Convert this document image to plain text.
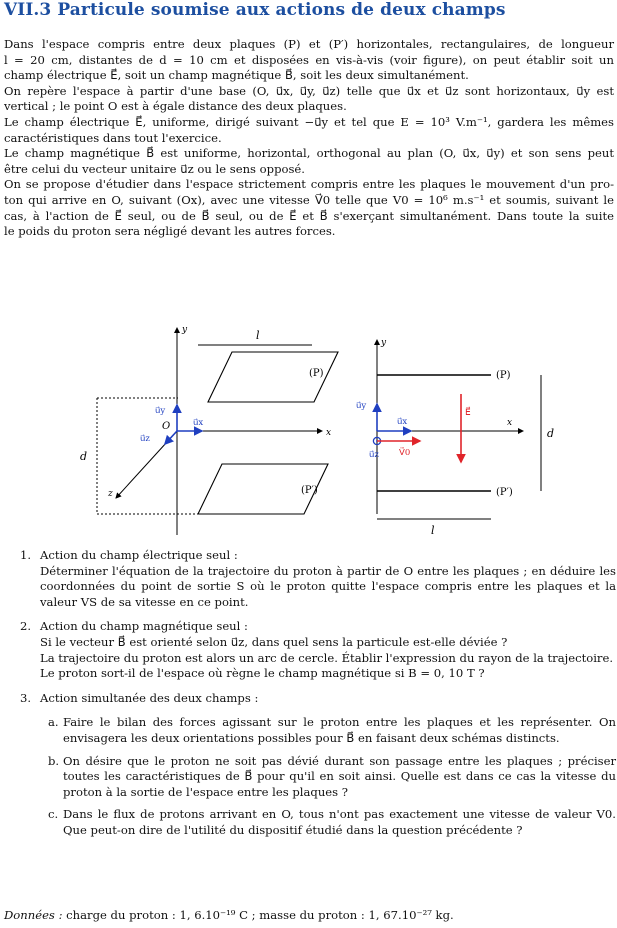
VII.3 Particule soumise aux actions de deux champs

Dans l'espace compris entre deux plaques (P) et (P′) horizontales, rectangulaires, de longueur

l = 20 cm, distantes de d = 10 cm et disposées en vis-à-vis (voir figure), on peut établir soit un

champ électrique E⃗, soit un champ magnétique B⃗, soit les deux simultanément.

On repère l'espace à partir d'une base (O, u⃗x, u⃗y, u⃗z) telle que u⃗x et u⃗z sont horizontaux, u⃗y est

vertical ; le point O est à égale distance des deux plaques.

Le champ électrique E⃗, uniforme, dirigé suivant −u⃗y et tel que E = 10³ V.m⁻¹, gardera les mêmes

caractéristiques dans tout l'exercice.

Le champ magnétique B⃗ est uniforme, horizontal, orthogonal au plan (O, u⃗x, u⃗y) et son sens peut

être celui du vecteur unitaire u⃗z ou le sens opposé.

On se propose d'étudier dans l'espace strictement compris entre les plaques le mouvement d'un pro-

ton qui arrive en O, suivant (Ox), avec une vitesse V⃗0 telle que V0 = 10⁶ m.s⁻¹ et soumis, suivant le

cas, à l'action de E⃗ seul, ou de B⃗ seul, ou de E⃗ et B⃗ s'exerçant simultanément. Dans toute la suite

le poids du proton sera négligé devant les autres forces.

y	l
(P)
(P′)
x
z
O
u⃗y
u⃗x
u⃗z
d
y
(P)
(P′)
x
u⃗y
u⃗x
u⃗z V⃗0
E⃗
d
l
1. Action du champ électrique seul :
Déterminer l'équation de la trajectoire du proton à partir de O entre les plaques ; en déduire les coordonnées du point de sortie S où le proton quitte l'espace compris entre les plaques et la valeur VS de sa vitesse en ce point.
2. Action du champ magnétique seul :
Si le vecteur B⃗ est orienté selon u⃗z, dans quel sens la particule est-elle déviée ?
La trajectoire du proton est alors un arc de cercle. Établir l'expression du rayon de la trajectoire.
Le proton sort-il de l'espace où règne le champ magnétique si B = 0, 10 T ?
3. Action simultanée des deux champs :
a. Faire le bilan des forces agissant sur le proton entre les plaques et les représenter. On envisagera les deux orientations possibles pour B⃗ en faisant deux schémas distincts.
b. On désire que le proton ne soit pas dévié durant son passage entre les plaques ; préciser toutes les caractéristiques de B⃗ pour qu'il en soit ainsi. Quelle est dans ce cas la vitesse du proton à la sortie de l'espace entre les plaques ?
c. Dans le flux de protons arrivant en O, tous n'ont pas exactement une vitesse de valeur V0. Que peut-on dire de l'utilité du dispositif étudié dans la question précédente ?
Données : charge du proton : 1, 6.10⁻¹⁹ C ; masse du proton : 1, 67.10⁻²⁷ kg.
